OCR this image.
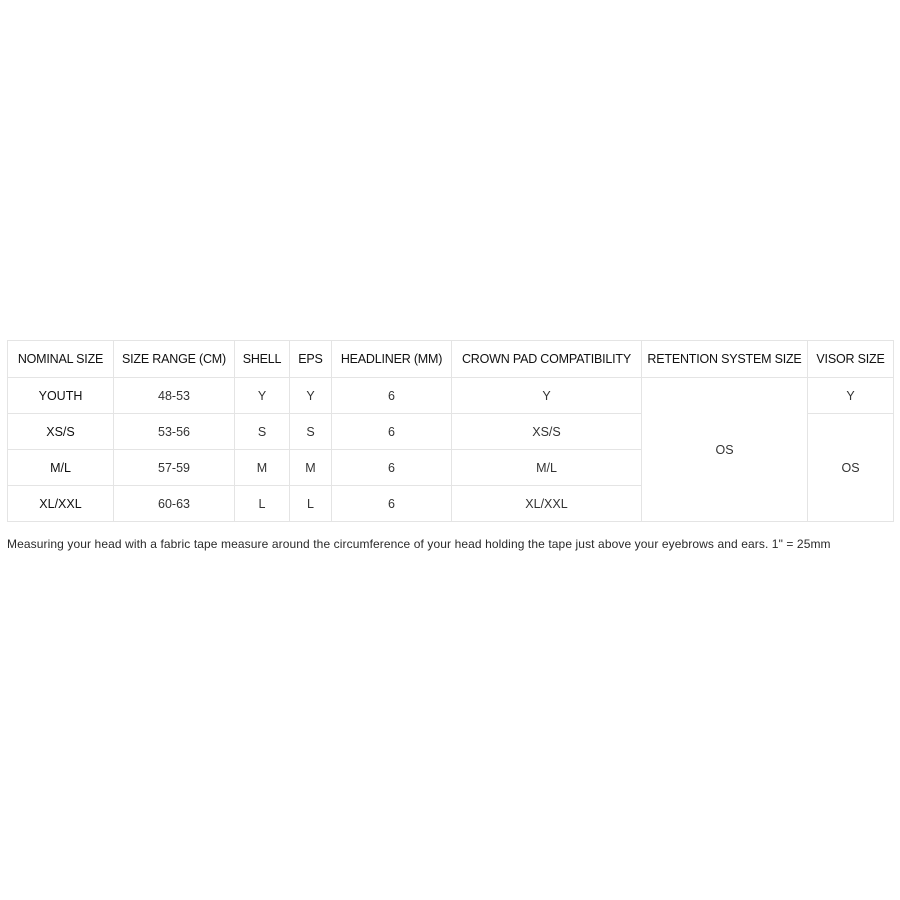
NOMINAL SIZE	SIZE RANGE (CM)	SHELL	EPS	HEADLINER (MM)	CROWN PAD COMPATIBILITY	RETENTION SYSTEM SIZE	VISOR SIZE
YOUTH	48-53	Y	Y	6	Y	OS	Y
XS/S	53-56	S	S	6	XS/S		OS
M/L	57-59	M	M	6	M/L		
XL/XXL	60-63	L	L	6	XL/XXL		
Measuring your head with a fabric tape measure around the circumference of your head holding the tape just above your eyebrows and ears. 1" = 25mm
